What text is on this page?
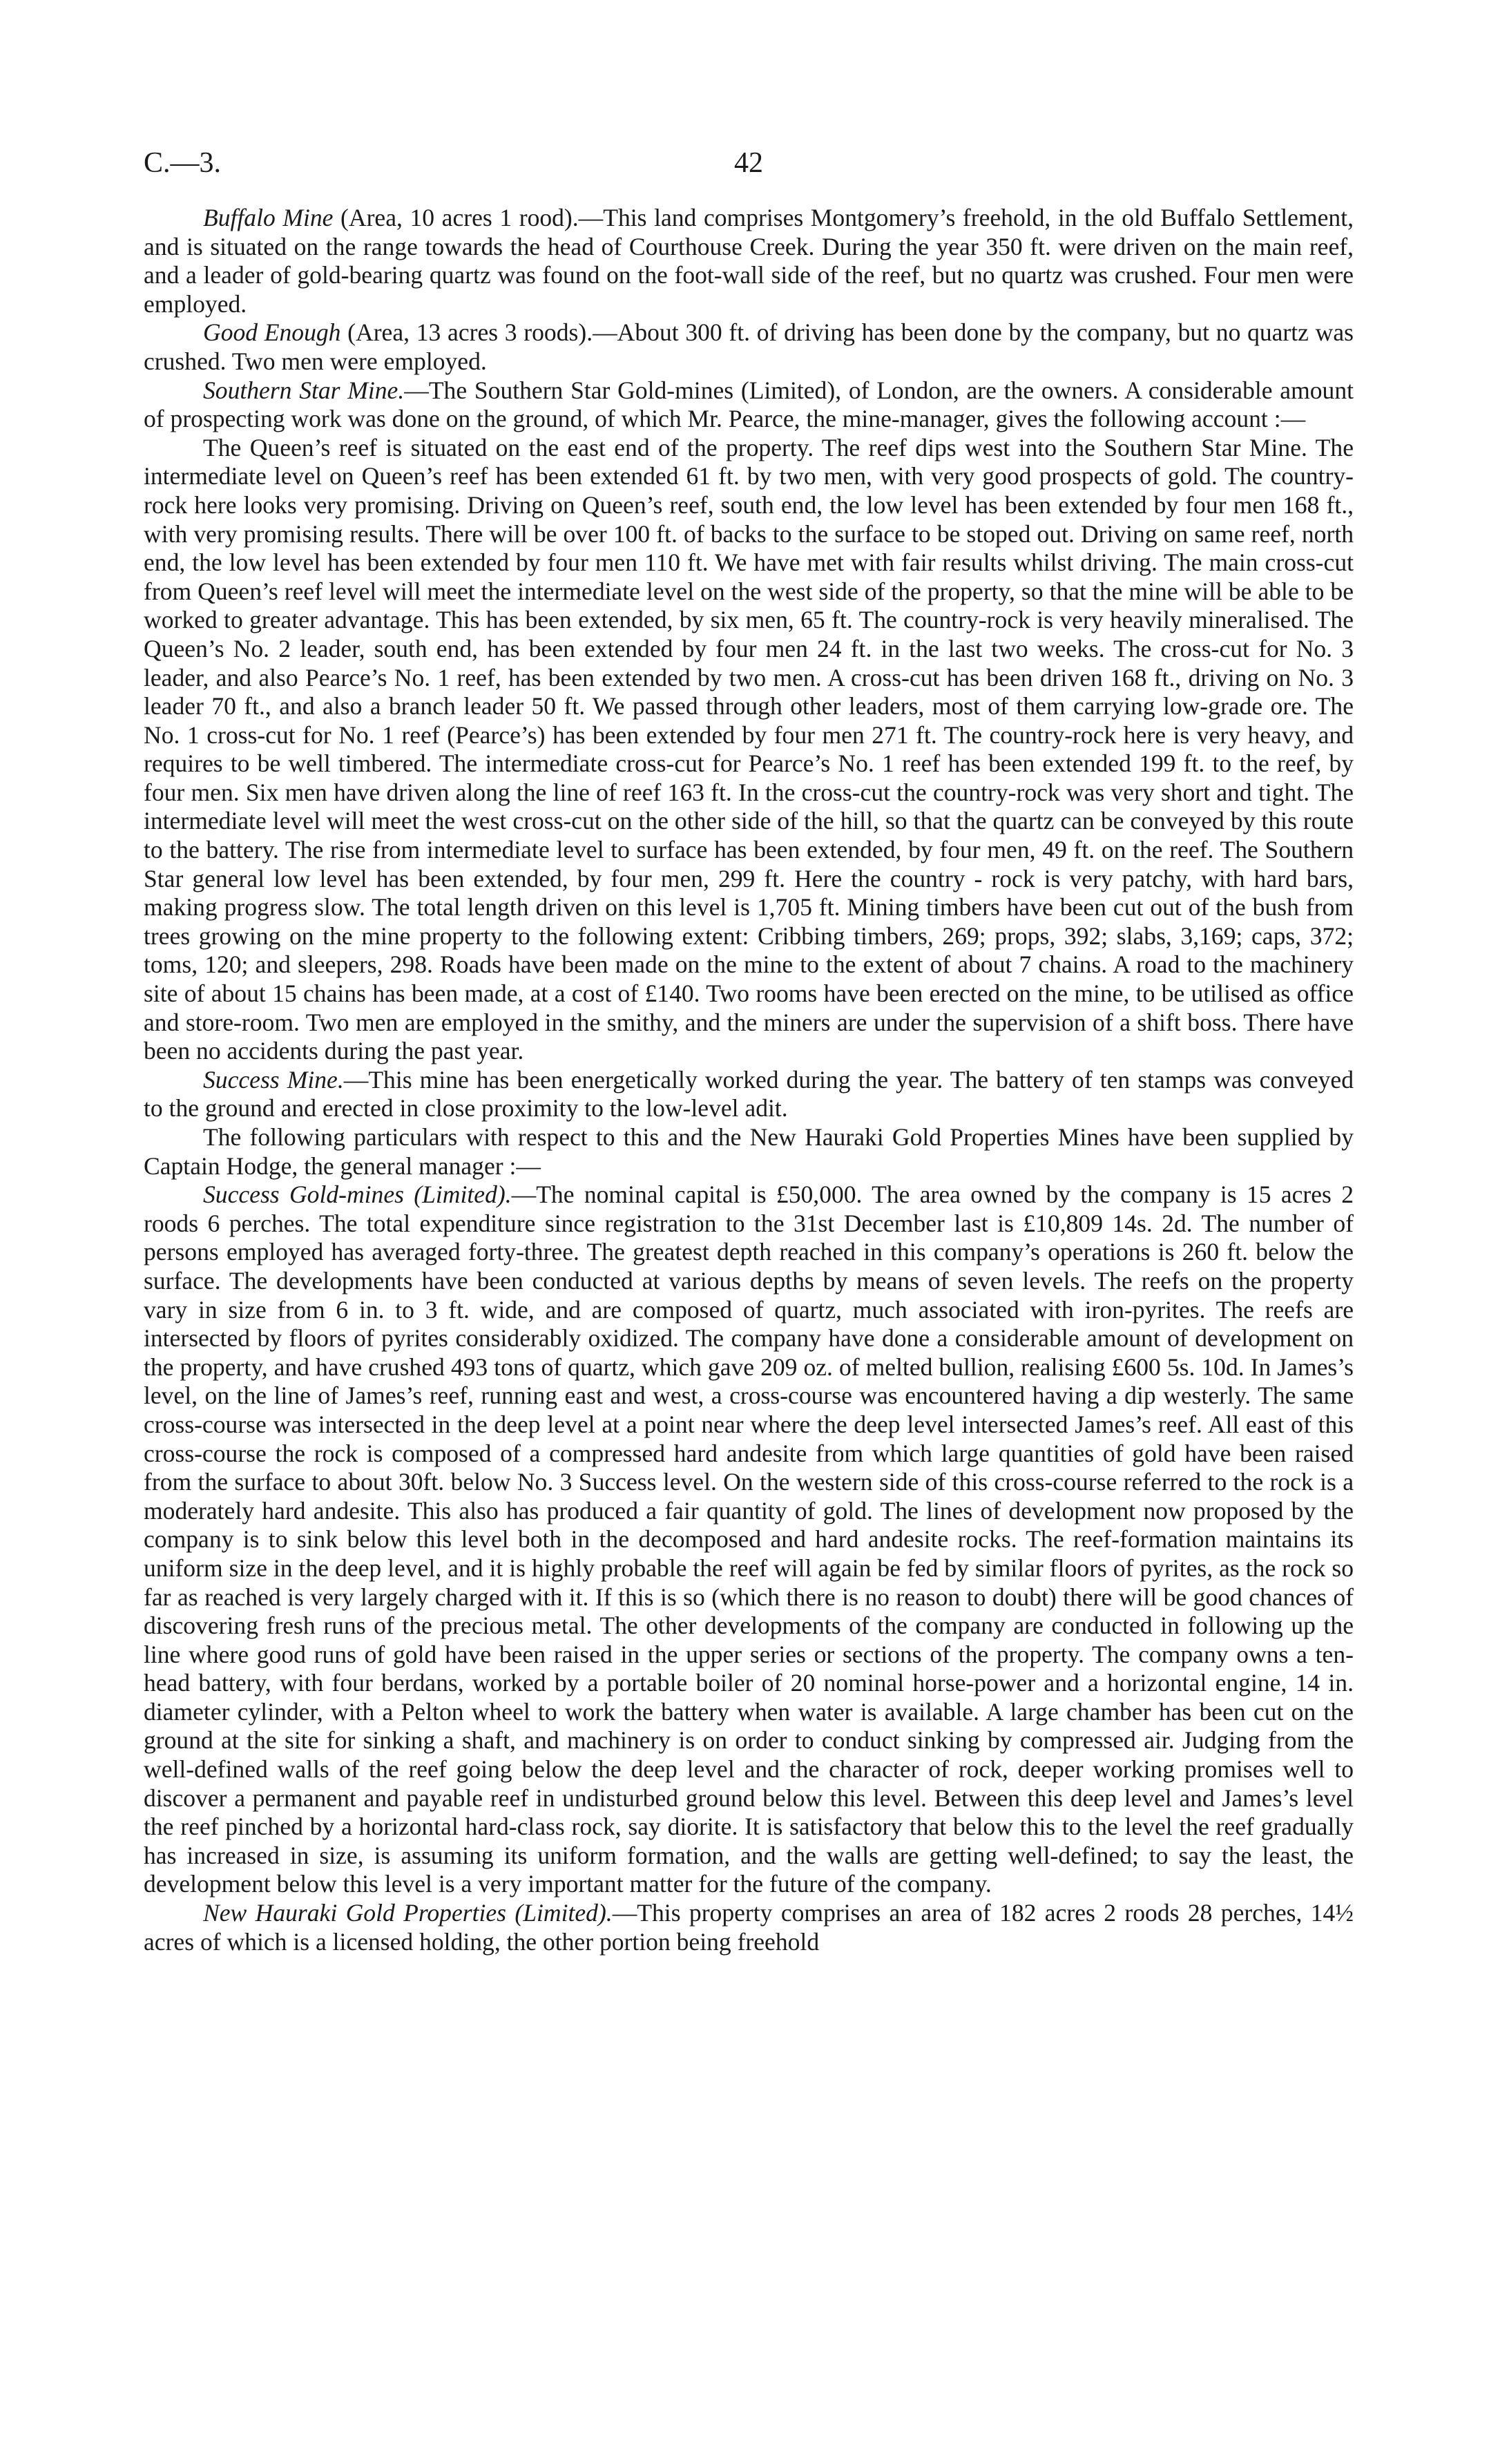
C.—3.	42

Buffalo Mine (Area, 10 acres 1 rood).—This land comprises Montgomery’s freehold, in the old Buffalo Settlement, and is situated on the range towards the head of Courthouse Creek. During the year 350 ft. were driven on the main reef, and a leader of gold-bearing quartz was found on the foot-wall side of the reef, but no quartz was crushed. Four men were employed.

Good Enough (Area, 13 acres 3 roods).—About 300 ft. of driving has been done by the company, but no quartz was crushed. Two men were employed.

Southern Star Mine.—The Southern Star Gold-mines (Limited), of London, are the owners. A considerable amount of prospecting work was done on the ground, of which Mr. Pearce, the mine-manager, gives the following account :—

The Queen’s reef is situated on the east end of the property. The reef dips west into the Southern Star Mine. The intermediate level on Queen’s reef has been extended 61 ft. by two men, with very good prospects of gold. The country-rock here looks very promising. Driving on Queen’s reef, south end, the low level has been extended by four men 168 ft., with very promising results. There will be over 100 ft. of backs to the surface to be stoped out. Driving on same reef, north end, the low level has been extended by four men 110 ft. We have met with fair results whilst driving. The main cross-cut from Queen’s reef level will meet the intermediate level on the west side of the property, so that the mine will be able to be worked to greater advantage. This has been extended, by six men, 65 ft. The country-rock is very heavily mineralised. The Queen’s No. 2 leader, south end, has been extended by four men 24 ft. in the last two weeks. The cross-cut for No. 3 leader, and also Pearce’s No. 1 reef, has been extended by two men. A cross-cut has been driven 168 ft., driving on No. 3 leader 70 ft., and also a branch leader 50 ft. We passed through other leaders, most of them carrying low-grade ore. The No. 1 cross-cut for No. 1 reef (Pearce’s) has been extended by four men 271 ft. The country-rock here is very heavy, and requires to be well timbered. The intermediate cross-cut for Pearce’s No. 1 reef has been extended 199 ft. to the reef, by four men. Six men have driven along the line of reef 163 ft. In the cross-cut the country-rock was very short and tight. The intermediate level will meet the west cross-cut on the other side of the hill, so that the quartz can be conveyed by this route to the battery. The rise from intermediate level to surface has been extended, by four men, 49 ft. on the reef. The Southern Star general low level has been extended, by four men, 299 ft. Here the country - rock is very patchy, with hard bars, making progress slow. The total length driven on this level is 1,705 ft. Mining timbers have been cut out of the bush from trees growing on the mine property to the following extent: Cribbing timbers, 269; props, 392; slabs, 3,169; caps, 372; toms, 120; and sleepers, 298. Roads have been made on the mine to the extent of about 7 chains. A road to the machinery site of about 15 chains has been made, at a cost of £140. Two rooms have been erected on the mine, to be utilised as office and store-room. Two men are employed in the smithy, and the miners are under the supervision of a shift boss. There have been no accidents during the past year.

Success Mine.—This mine has been energetically worked during the year. The battery of ten stamps was conveyed to the ground and erected in close proximity to the low-level adit.

The following particulars with respect to this and the New Hauraki Gold Properties Mines have been supplied by Captain Hodge, the general manager :—

Success Gold-mines (Limited).—The nominal capital is £50,000. The area owned by the company is 15 acres 2 roods 6 perches. The total expenditure since registration to the 31st December last is £10,809 14s. 2d. The number of persons employed has averaged forty-three. The greatest depth reached in this company’s operations is 260 ft. below the surface. The developments have been conducted at various depths by means of seven levels. The reefs on the property vary in size from 6 in. to 3 ft. wide, and are composed of quartz, much associated with iron-pyrites. The reefs are intersected by floors of pyrites considerably oxidized. The company have done a considerable amount of development on the property, and have crushed 493 tons of quartz, which gave 209 oz. of melted bullion, realising £600 5s. 10d. In James’s level, on the line of James’s reef, running east and west, a cross-course was encountered having a dip westerly. The same cross-course was intersected in the deep level at a point near where the deep level intersected James’s reef. All east of this cross-course the rock is composed of a compressed hard andesite from which large quantities of gold have been raised from the surface to about 30ft. below No. 3 Success level. On the western side of this cross-course referred to the rock is a moderately hard andesite. This also has produced a fair quantity of gold. The lines of development now proposed by the company is to sink below this level both in the decomposed and hard andesite rocks. The reef-formation maintains its uniform size in the deep level, and it is highly probable the reef will again be fed by similar floors of pyrites, as the rock so far as reached is very largely charged with it. If this is so (which there is no reason to doubt) there will be good chances of discovering fresh runs of the precious metal. The other developments of the company are conducted in following up the line where good runs of gold have been raised in the upper series or sections of the property. The company owns a ten-head battery, with four berdans, worked by a portable boiler of 20 nominal horse-power and a horizontal engine, 14 in. diameter cylinder, with a Pelton wheel to work the battery when water is available. A large chamber has been cut on the ground at the site for sinking a shaft, and machinery is on order to conduct sinking by compressed air. Judging from the well-defined walls of the reef going below the deep level and the character of rock, deeper working promises well to discover a permanent and payable reef in undisturbed ground below this level. Between this deep level and James’s level the reef pinched by a horizontal hard-class rock, say diorite. It is satisfactory that below this to the level the reef gradually has increased in size, is assuming its uniform formation, and the walls are getting well-defined; to say the least, the development below this level is a very important matter for the future of the company.

New Hauraki Gold Properties (Limited).—This property comprises an area of 182 acres 2 roods 28 perches, 14½ acres of which is a licensed holding, the other portion being freehold
